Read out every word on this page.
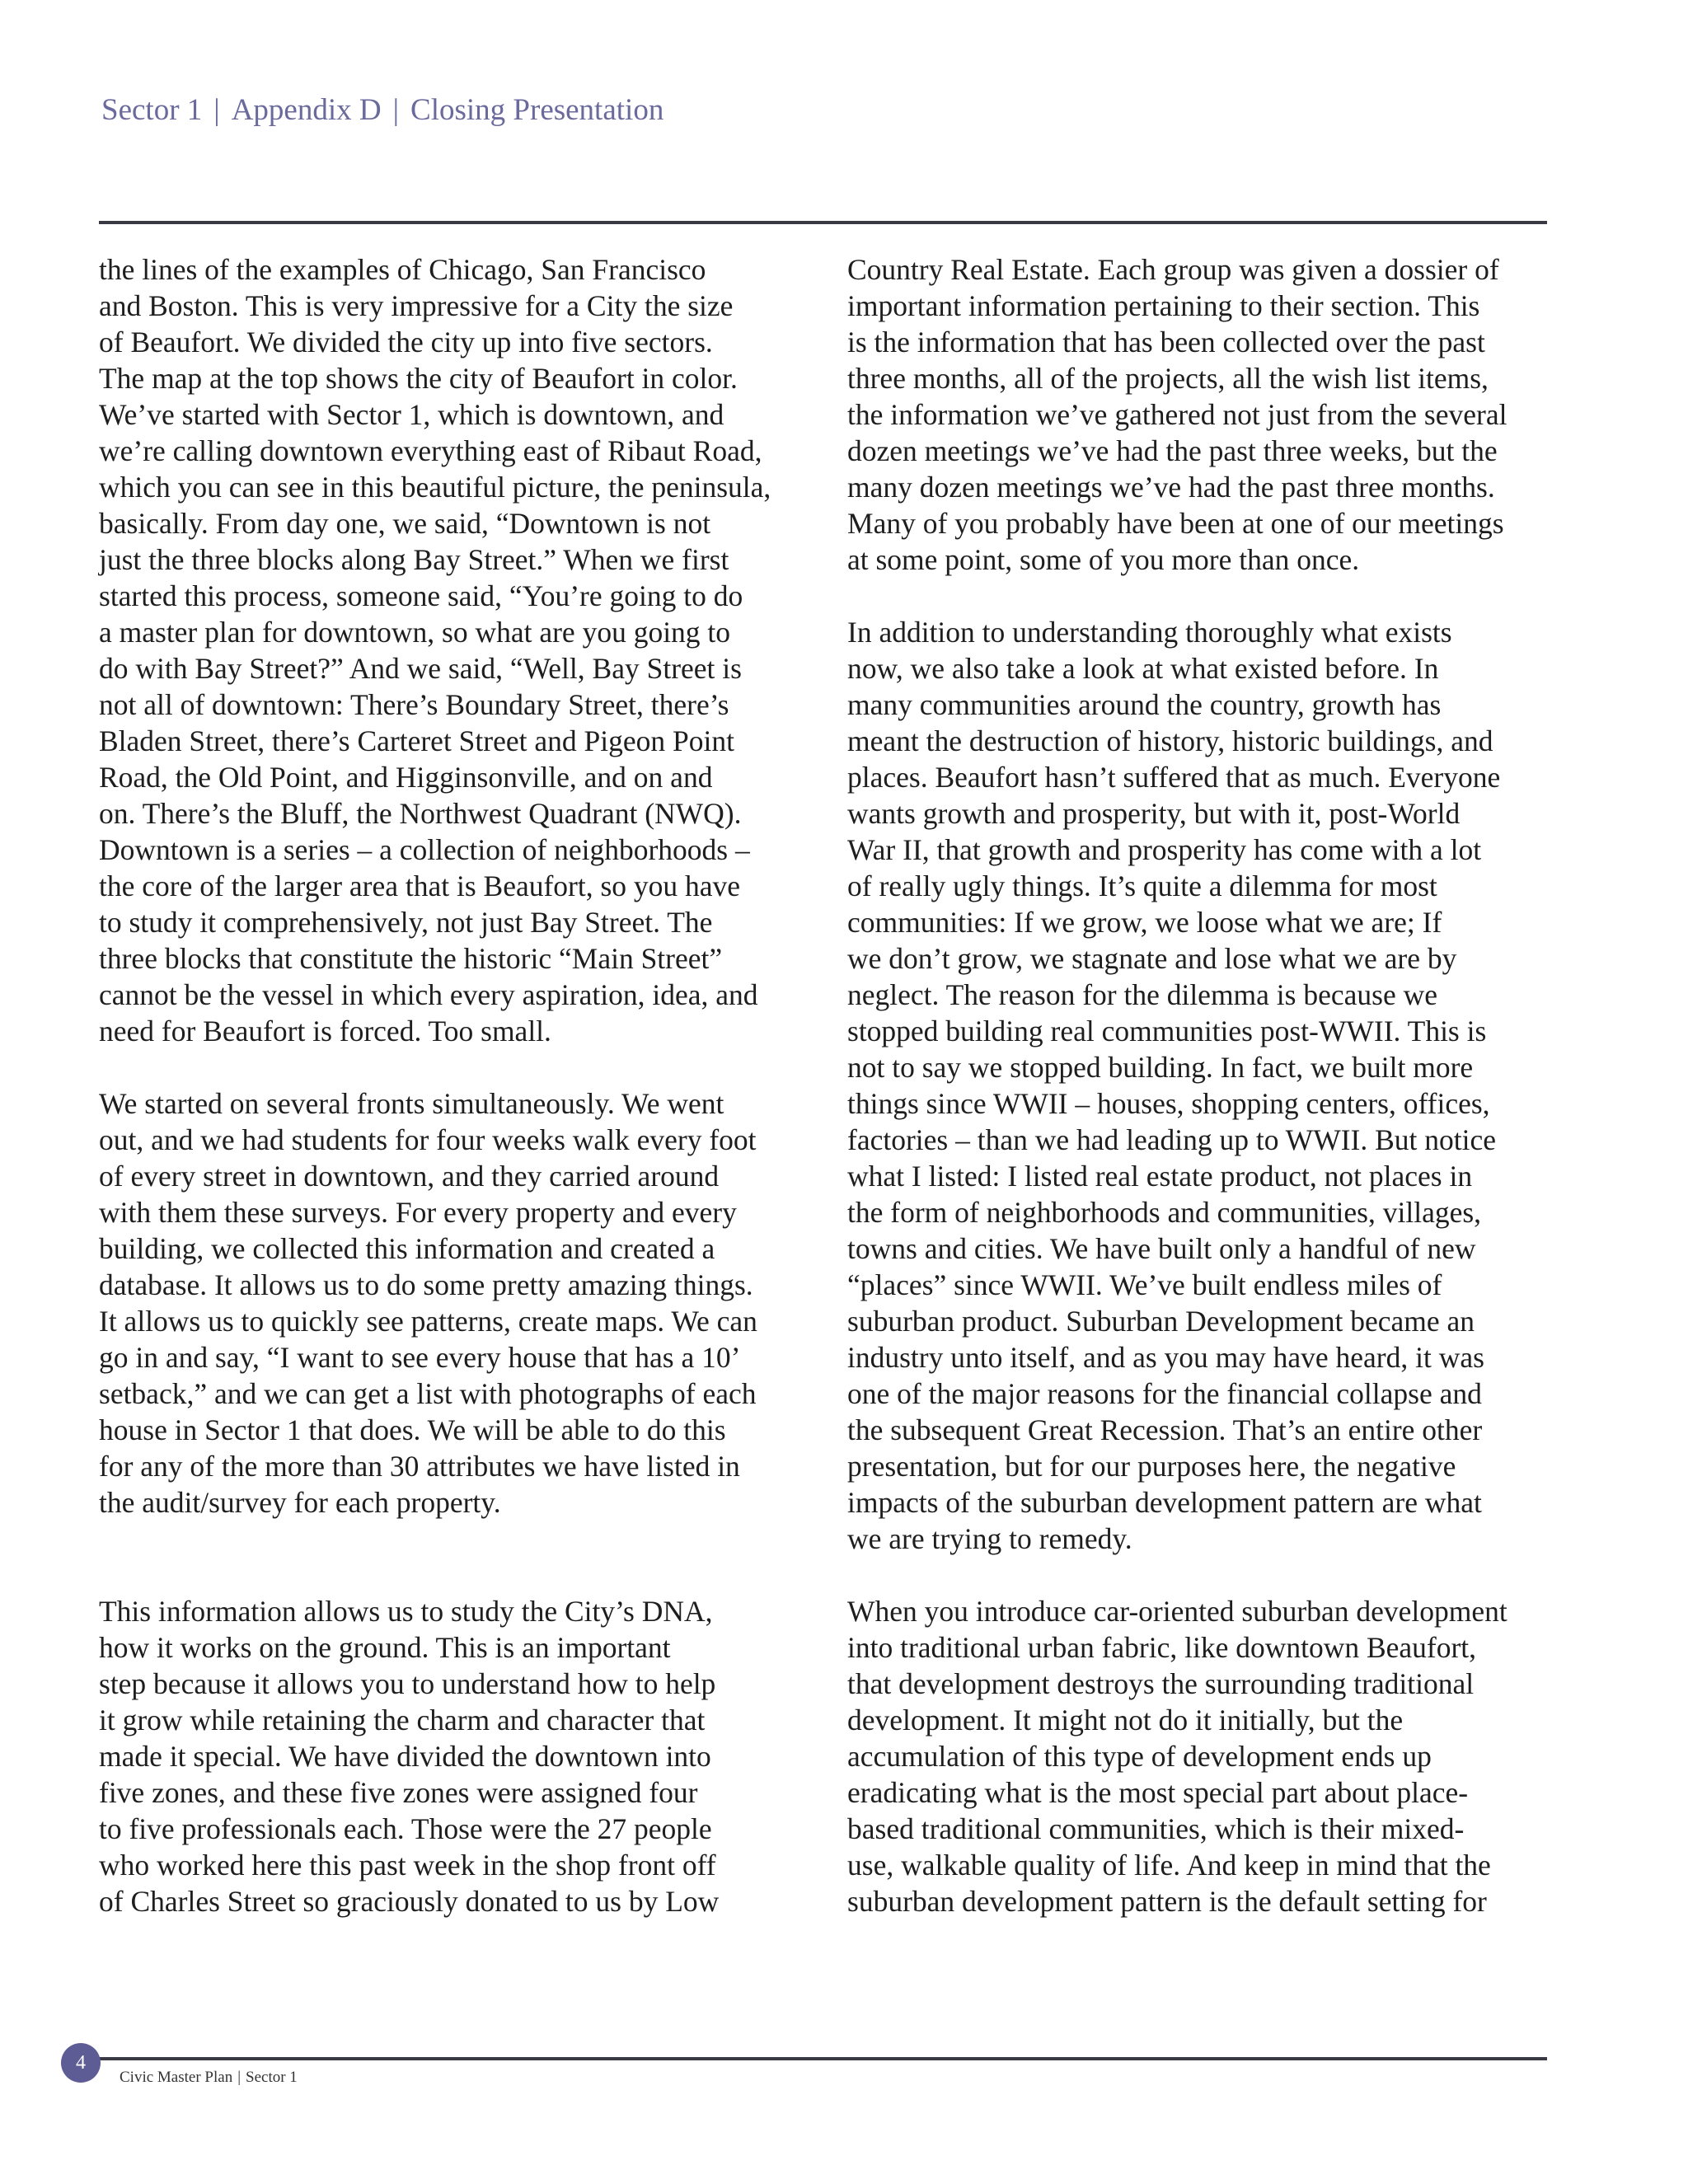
Sector 1 | Appendix D | Closing Presentation

the lines of the examples of Chicago, San Francisco
and Boston. This is very impressive for a City the size
of Beaufort. We divided the city up into five sectors.
The map at the top shows the city of Beaufort in color.
We’ve started with Sector 1, which is downtown, and
we’re calling downtown everything east of Ribaut Road,
which you can see in this beautiful picture, the peninsula,
basically. From day one, we said, “Downtown is not
just the three blocks along Bay Street.” When we first
started this process, someone said, “You’re going to do
a master plan for downtown, so what are you going to
do with Bay Street?” And we said, “Well, Bay Street is
not all of downtown: There’s Boundary Street, there’s
Bladen Street, there’s Carteret Street and Pigeon Point
Road, the Old Point, and Higginsonville, and on and
on. There’s the Bluff, the Northwest Quadrant (NWQ).
Downtown is a series – a collection of neighborhoods –
the core of the larger area that is Beaufort, so you have
to study it comprehensively, not just Bay Street. The
three blocks that constitute the historic “Main Street”
cannot be the vessel in which every aspiration, idea, and
need for Beaufort is forced. Too small.

We started on several fronts simultaneously. We went
out, and we had students for four weeks walk every foot
of every street in downtown, and they carried around
with them these surveys. For every property and every
building, we collected this information and created a
database. It allows us to do some pretty amazing things.
It allows us to quickly see patterns, create maps. We can
go in and say, “I want to see every house that has a 10’
setback,” and we can get a list with photographs of each
house in Sector 1 that does. We will be able to do this
for any of the more than 30 attributes we have listed in
the audit/survey for each property.

This information allows us to study the City’s DNA,
how it works on the ground. This is an important
step because it allows you to understand how to help
it grow while retaining the charm and character that
made it special. We have divided the downtown into
five zones, and these five zones were assigned four
to five professionals each. Those were the 27 people
who worked here this past week in the shop front off
of Charles Street so graciously donated to us by Low

Country Real Estate. Each group was given a dossier of
important information pertaining to their section. This
is the information that has been collected over the past
three months, all of the projects, all the wish list items,
the information we’ve gathered not just from the several
dozen meetings we’ve had the past three weeks, but the
many dozen meetings we’ve had the past three months.
Many of you probably have been at one of our meetings
at some point, some of you more than once.

In addition to understanding thoroughly what exists
now, we also take a look at what existed before. In
many communities around the country, growth has
meant the destruction of history, historic buildings, and
places. Beaufort hasn’t suffered that as much. Everyone
wants growth and prosperity, but with it, post-World
War II, that growth and prosperity has come with a lot
of really ugly things. It’s quite a dilemma for most
communities: If we grow, we loose what we are; If
we don’t grow, we stagnate and lose what we are by
neglect. The reason for the dilemma is because we
stopped building real communities post-WWII. This is
not to say we stopped building. In fact, we built more
things since WWII – houses, shopping centers, offices,
factories – than we had leading up to WWII. But notice
what I listed: I listed real estate product, not places in
the form of neighborhoods and communities, villages,
towns and cities. We have built only a handful of new
“places” since WWII. We’ve built endless miles of
suburban product. Suburban Development became an
industry unto itself, and as you may have heard, it was
one of the major reasons for the financial collapse and
the subsequent Great Recession. That’s an entire other
presentation, but for our purposes here, the negative
impacts of the suburban development pattern are what
we are trying to remedy.

When you introduce car-oriented suburban development
into traditional urban fabric, like downtown Beaufort,
that development destroys the surrounding traditional
development. It might not do it initially, but the
accumulation of this type of development ends up
eradicating what is the most special part about place-
based traditional communities, which is their mixed-
use, walkable quality of life. And keep in mind that the
suburban development pattern is the default setting for

4
Civic Master Plan | Sector 1
